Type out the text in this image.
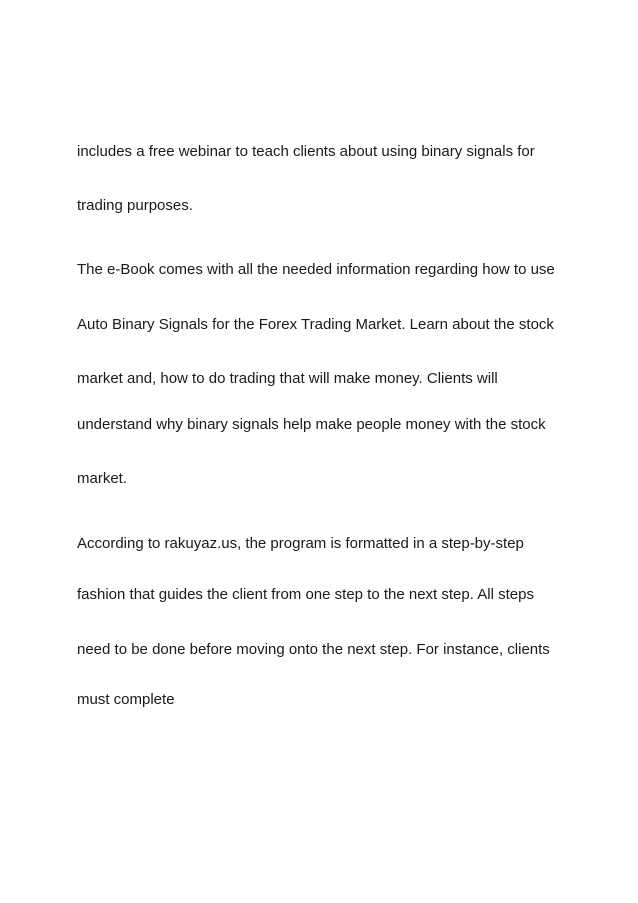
includes a free webinar to teach clients about using binary signals for

trading purposes.

The e-Book comes with all the needed information regarding how to use

Auto Binary Signals for the Forex Trading Market. Learn about the stock

market and, how to do trading that will make money. Clients will

understand why binary signals help make people money with the stock

market.

According to rakuyaz.us, the program is formatted in a step-by-step

fashion that guides the client from one step to the next step. All steps

need to be done before moving onto the next step. For instance, clients

must complete
